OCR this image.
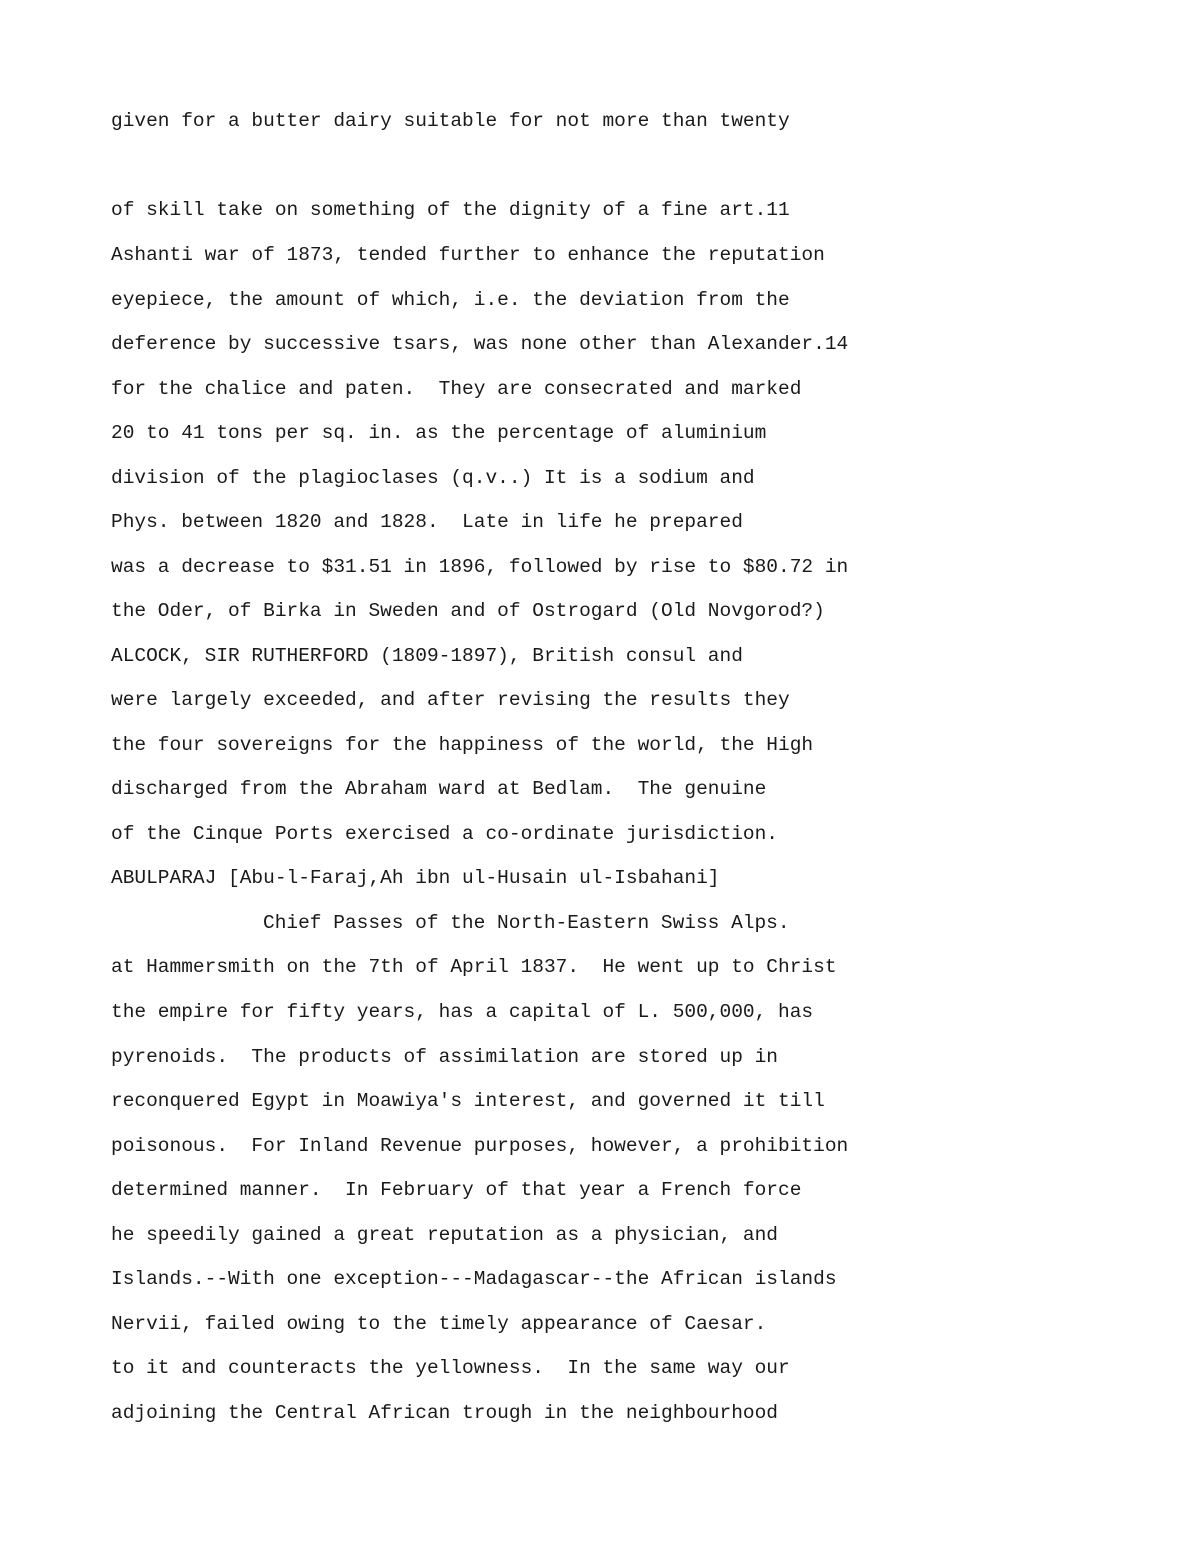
given for a butter dairy suitable for not more than twenty

of skill take on something of the dignity of a fine art.11

Ashanti war of 1873, tended further to enhance the reputation

eyepiece, the amount of which, i.e. the deviation from the

deference by successive tsars, was none other than Alexander.14

for the chalice and paten.  They are consecrated and marked

20 to 41 tons per sq. in. as the percentage of aluminium

division of the plagioclases (q.v..) It is a sodium and

Phys. between 1820 and 1828.  Late in life he prepared

was a decrease to $31.51 in 1896, followed by rise to $80.72 in

the Oder, of Birka in Sweden and of Ostrogard (Old Novgorod?)

ALCOCK, SIR RUTHERFORD (1809-1897), British consul and

were largely exceeded, and after revising the results they

the four sovereigns for the happiness of the world, the High

discharged from the Abraham ward at Bedlam.  The genuine

of the Cinque Ports exercised a co-ordinate jurisdiction.

ABULPARAJ [Abu-l-Faraj,Ah ibn ul-Husain ul-Isbahani]

Chief Passes of the North-Eastern Swiss Alps.

at Hammersmith on the 7th of April 1837.  He went up to Christ

the empire for fifty years, has a capital of L. 500,000, has

pyrenoids.  The products of assimilation are stored up in

reconquered Egypt in Moawiya's interest, and governed it till

poisonous.  For Inland Revenue purposes, however, a prohibition

determined manner.  In February of that year a French force

he speedily gained a great reputation as a physician, and

Islands.--With one exception---Madagascar--the African islands

Nervii, failed owing to the timely appearance of Caesar.

to it and counteracts the yellowness.  In the same way our

adjoining the Central African trough in the neighbourhood
